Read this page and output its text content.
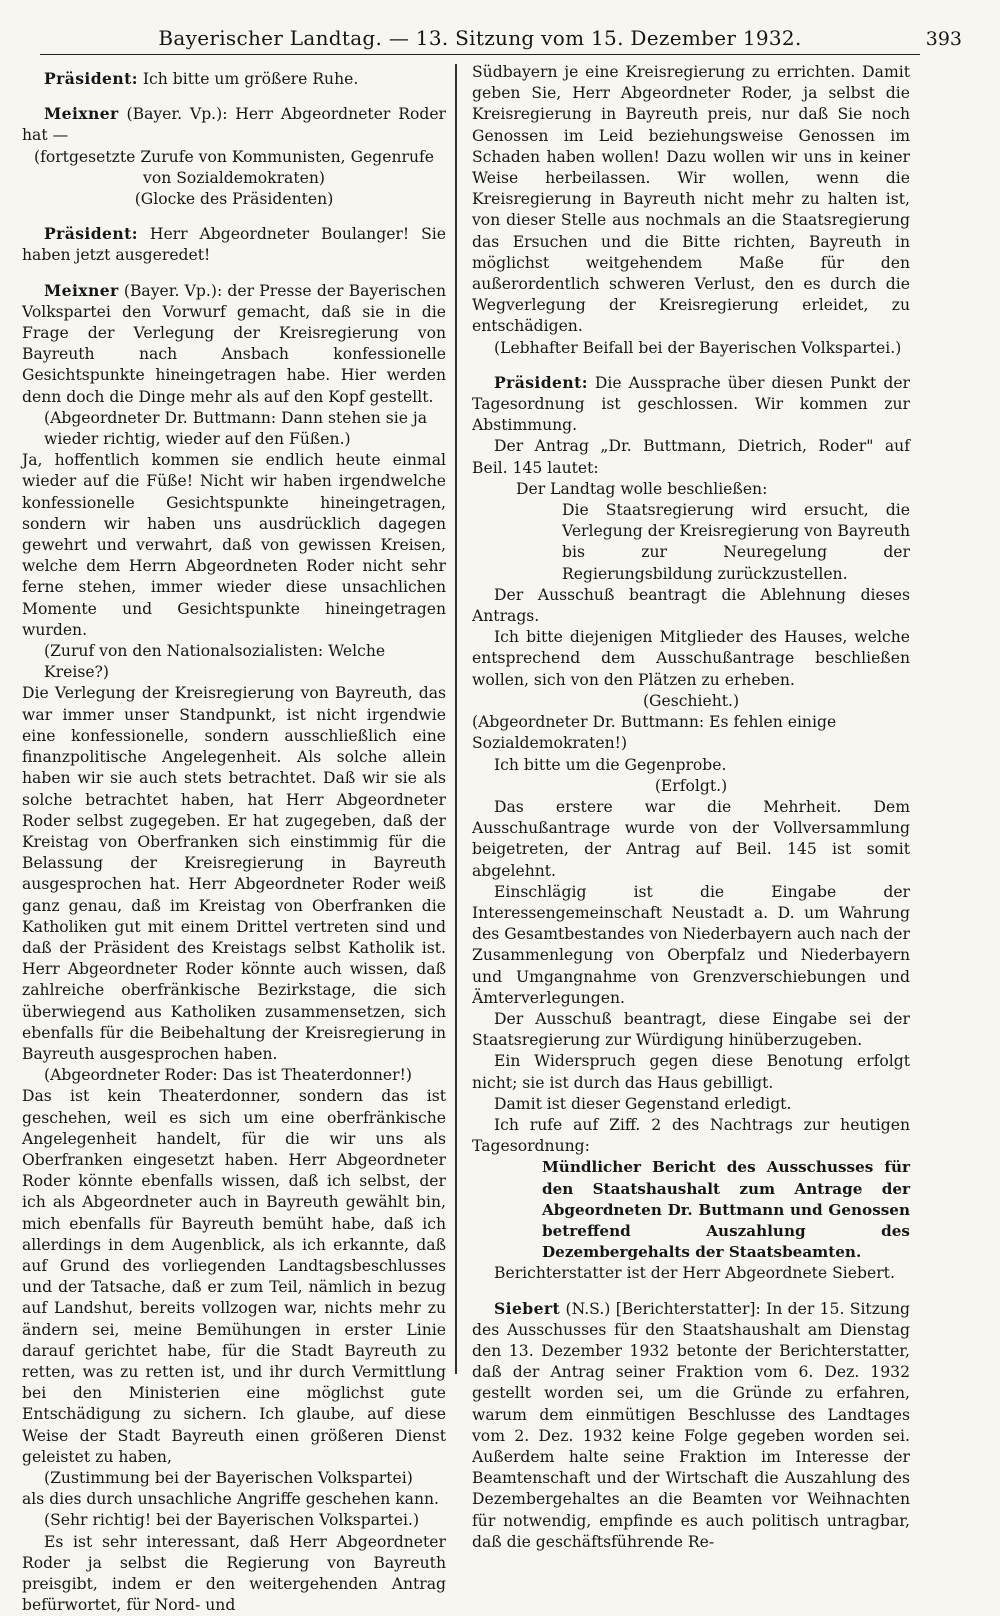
Bayerischer Landtag. — 13. Sitzung vom 15. Dezember 1932.	393

Präsident: Ich bitte um größere Ruhe.

Meixner (Bayer. Vp.): Herr Abgeordneter Roder hat —

(fortgesetzte Zurufe von Kommunisten, Gegenrufe von Sozialdemokraten)

(Glocke des Präsidenten)

Präsident: Herr Abgeordneter Boulanger! Sie haben jetzt ausgeredet!

Meixner (Bayer. Vp.): der Presse der Bayerischen Volkspartei den Vorwurf gemacht, daß sie in die Frage der Verlegung der Kreisregierung von Bayreuth nach Ansbach konfessionelle Gesichtspunkte hineingetragen habe. Hier werden denn doch die Dinge mehr als auf den Kopf gestellt.

(Abgeordneter Dr. Buttmann: Dann stehen sie ja wieder richtig, wieder auf den Füßen.)

Ja, hoffentlich kommen sie endlich heute einmal wieder auf die Füße! Nicht wir haben irgendwelche konfessionelle Gesichtspunkte hineingetragen, sondern wir haben uns ausdrücklich dagegen gewehrt und verwahrt, daß von gewissen Kreisen, welche dem Herrn Abgeordneten Roder nicht sehr ferne stehen, immer wieder diese unsachlichen Momente und Gesichtspunkte hineingetragen wurden.

(Zuruf von den Nationalsozialisten: Welche Kreise?)

Die Verlegung der Kreisregierung von Bayreuth, das war immer unser Standpunkt, ist nicht irgendwie eine konfessionelle, sondern ausschließlich eine finanzpolitische Angelegenheit. Als solche allein haben wir sie auch stets betrachtet. Daß wir sie als solche betrachtet haben, hat Herr Abgeordneter Roder selbst zugegeben. Er hat zugegeben, daß der Kreistag von Oberfranken sich einstimmig für die Belassung der Kreisregierung in Bayreuth ausgesprochen hat. Herr Abgeordneter Roder weiß ganz genau, daß im Kreistag von Oberfranken die Katholiken gut mit einem Drittel vertreten sind und daß der Präsident des Kreistags selbst Katholik ist. Herr Abgeordneter Roder könnte auch wissen, daß zahlreiche oberfränkische Bezirkstage, die sich überwiegend aus Katholiken zusammensetzen, sich ebenfalls für die Beibehaltung der Kreisregierung in Bayreuth ausgesprochen haben.

(Abgeordneter Roder: Das ist Theaterdonner!)

Das ist kein Theaterdonner, sondern das ist geschehen, weil es sich um eine oberfränkische Angelegenheit handelt, für die wir uns als Oberfranken eingesetzt haben. Herr Abgeordneter Roder könnte ebenfalls wissen, daß ich selbst, der ich als Abgeordneter auch in Bayreuth gewählt bin, mich ebenfalls für Bayreuth bemüht habe, daß ich allerdings in dem Augenblick, als ich erkannte, daß auf Grund des vorliegenden Landtagsbeschlusses und der Tatsache, daß er zum Teil, nämlich in bezug auf Landshut, bereits vollzogen war, nichts mehr zu ändern sei, meine Bemühungen in erster Linie darauf gerichtet habe, für die Stadt Bayreuth zu retten, was zu retten ist, und ihr durch Vermittlung bei den Ministerien eine möglichst gute Entschädigung zu sichern. Ich glaube, auf diese Weise der Stadt Bayreuth einen größeren Dienst geleistet zu haben,

(Zustimmung bei der Bayerischen Volkspartei)

als dies durch unsachliche Angriffe geschehen kann.

(Sehr richtig! bei der Bayerischen Volkspartei.)

Es ist sehr interessant, daß Herr Abgeordneter Roder ja selbst die Regierung von Bayreuth preisgibt, indem er den weitergehenden Antrag befürwortet, für Nord- und

Südbayern je eine Kreisregierung zu errichten. Damit geben Sie, Herr Abgeordneter Roder, ja selbst die Kreisregierung in Bayreuth preis, nur daß Sie noch Genossen im Leid beziehungsweise Genossen im Schaden haben wollen! Dazu wollen wir uns in keiner Weise herbeilassen. Wir wollen, wenn die Kreisregierung in Bayreuth nicht mehr zu halten ist, von dieser Stelle aus nochmals an die Staatsregierung das Ersuchen und die Bitte richten, Bayreuth in möglichst weitgehendem Maße für den außerordentlich schweren Verlust, den es durch die Wegverlegung der Kreisregierung erleidet, zu entschädigen.

(Lebhafter Beifall bei der Bayerischen Volkspartei.)

Präsident: Die Aussprache über diesen Punkt der Tagesordnung ist geschlossen. Wir kommen zur Abstimmung.

Der Antrag „Dr. Buttmann, Dietrich, Roder" auf Beil. 145 lautet:

Der Landtag wolle beschließen:

Die Staatsregierung wird ersucht, die Verlegung der Kreisregierung von Bayreuth bis zur Neuregelung der Regierungsbildung zurückzustellen.

Der Ausschuß beantragt die Ablehnung dieses Antrags.

Ich bitte diejenigen Mitglieder des Hauses, welche entsprechend dem Ausschußantrage beschließen wollen, sich von den Plätzen zu erheben.

(Geschieht.)

(Abgeordneter Dr. Buttmann: Es fehlen einige Sozialdemokraten!)

Ich bitte um die Gegenprobe.

(Erfolgt.)

Das erstere war die Mehrheit. Dem Ausschußantrage wurde von der Vollversammlung beigetreten, der Antrag auf Beil. 145 ist somit abgelehnt.

Einschlägig ist die Eingabe der Interessengemeinschaft Neustadt a. D. um Wahrung des Gesamtbestandes von Niederbayern auch nach der Zusammenlegung von Oberpfalz und Niederbayern und Umgangnahme von Grenzverschiebungen und Ämterverlegungen.

Der Ausschuß beantragt, diese Eingabe sei der Staatsregierung zur Würdigung hinüberzugeben.

Ein Widerspruch gegen diese Benotung erfolgt nicht; sie ist durch das Haus gebilligt.

Damit ist dieser Gegenstand erledigt.

Ich rufe auf Ziff. 2 des Nachtrags zur heutigen Tagesordnung:

Mündlicher Bericht des Ausschusses für den Staatshaushalt zum Antrage der Abgeordneten Dr. Buttmann und Genossen betreffend Auszahlung des Dezembergehalts der Staatsbeamten.

Berichterstatter ist der Herr Abgeordnete Siebert.

Siebert (N.S.) [Berichterstatter]: In der 15. Sitzung des Ausschusses für den Staatshaushalt am Dienstag den 13. Dezember 1932 betonte der Berichterstatter, daß der Antrag seiner Fraktion vom 6. Dez. 1932 gestellt worden sei, um die Gründe zu erfahren, warum dem einmütigen Beschlusse des Landtages vom 2. Dez. 1932 keine Folge gegeben worden sei. Außerdem halte seine Fraktion im Interesse der Beamtenschaft und der Wirtschaft die Auszahlung des Dezembergehaltes an die Beamten vor Weihnachten für notwendig, empfinde es auch politisch untragbar, daß die geschäftsführende Re-
